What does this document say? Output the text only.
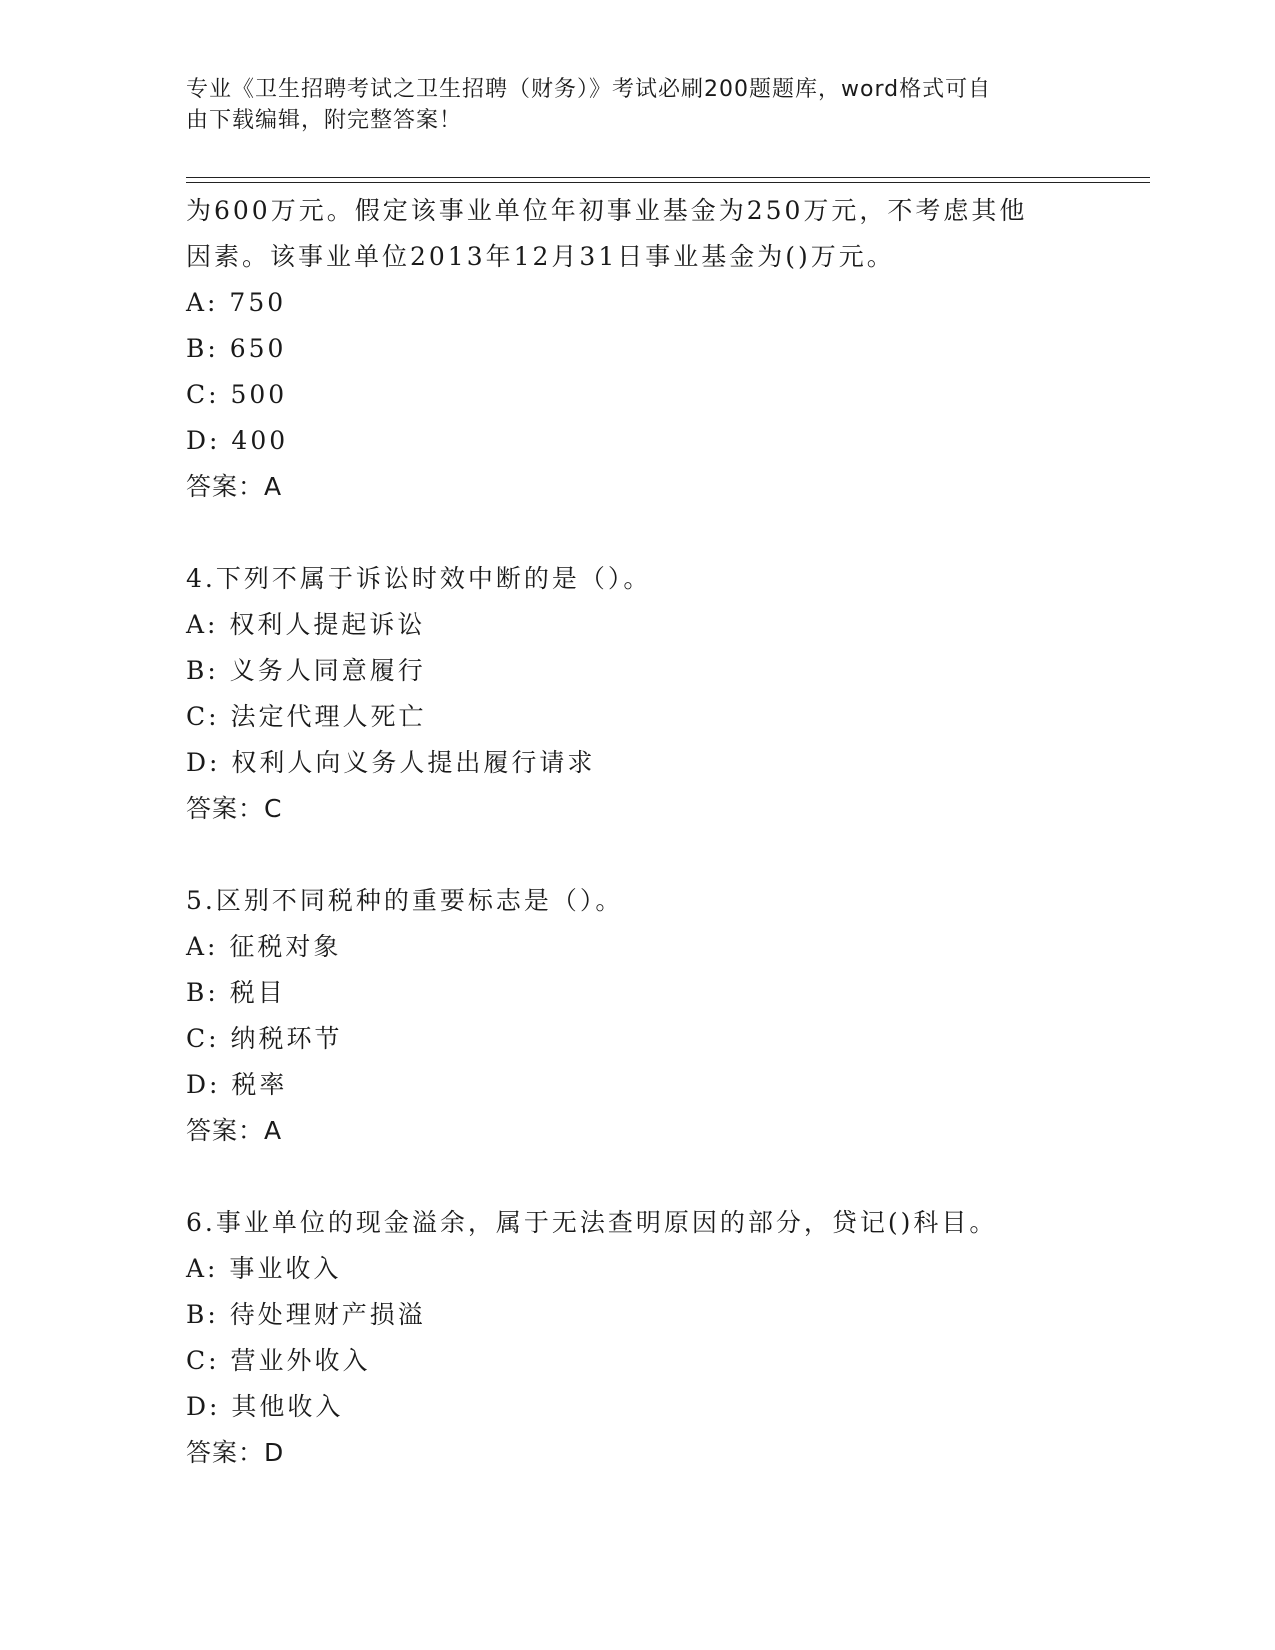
专业《卫生招聘考试之卫生招聘（财务）》考试必刷200题题库，word格式可自
由下载编辑，附完整答案！
为600万元。假定该事业单位年初事业基金为250万元，不考虑其他
因素。该事业单位2013年12月31日事业基金为()万元。
A: 750
B: 650
C: 500
D: 400
答案：A
4.下列不属于诉讼时效中断的是（）。
A: 权利人提起诉讼
B: 义务人同意履行
C: 法定代理人死亡
D: 权利人向义务人提出履行请求
答案：C
5.区别不同税种的重要标志是（）。
A: 征税对象
B: 税目
C: 纳税环节
D: 税率
答案：A
6.事业单位的现金溢余，属于无法查明原因的部分，贷记()科目。
A: 事业收入
B: 待处理财产损溢
C: 营业外收入
D: 其他收入
答案：D
